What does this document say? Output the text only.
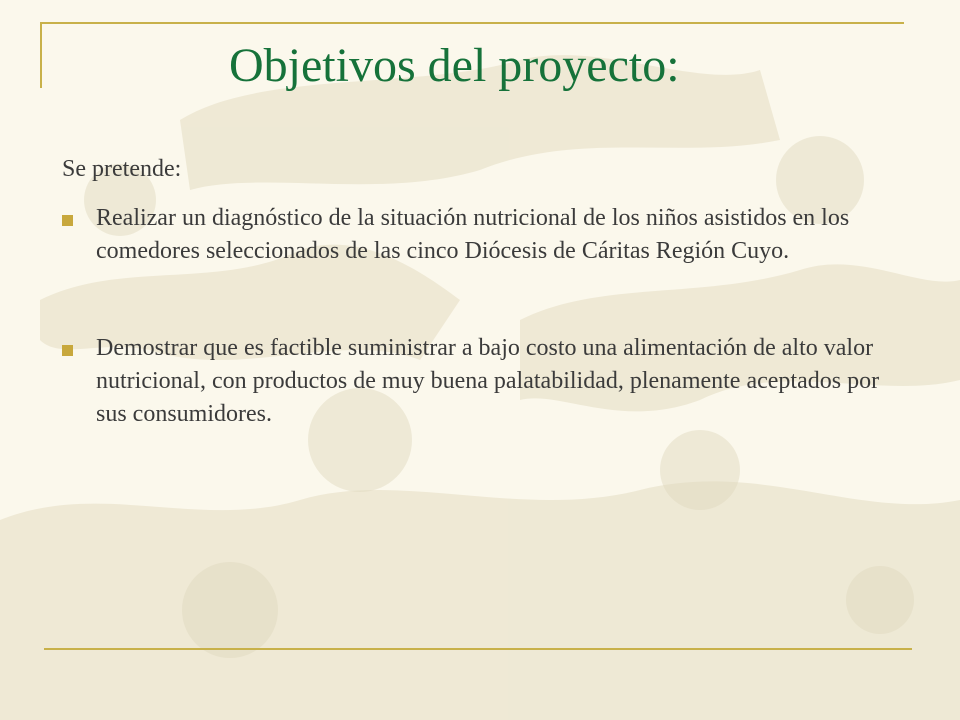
Objetivos del proyecto:

Se pretende:

Realizar un diagnóstico de la situación nutricional de los niños asistidos en los comedores seleccionados de las cinco Diócesis de Cáritas Región Cuyo.
Demostrar que es factible suministrar a bajo costo una alimentación de alto valor nutricional, con productos de muy buena palatabilidad, plenamente aceptados por sus consumidores.
